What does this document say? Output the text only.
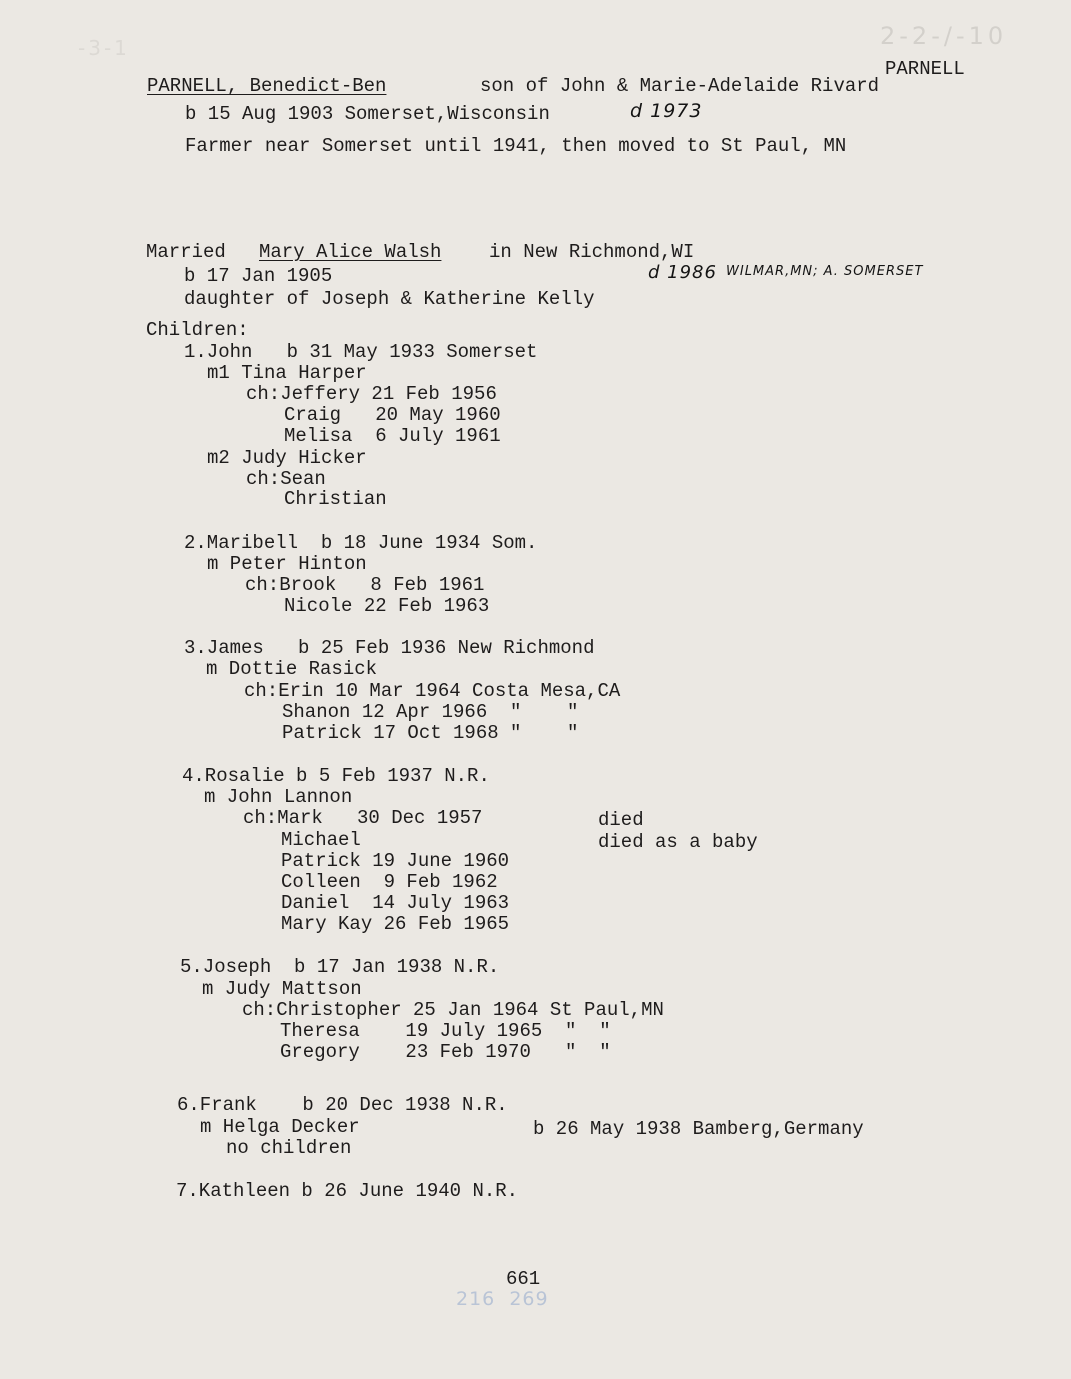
-3-1	2-2-/-10
PARNELL
PARNELL, Benedict-Ben	son of John & Marie-Adelaide Rivard
b 15 Aug 1903 Somerset,Wisconsin	d 1973
Farmer near Somerset until 1941, then moved to St Paul, MN
Married Mary Alice Walsh	in New Richmond,WI
b 17 Jan 1905	d 1986 WILMAR,MN; A. SOMERSET
daughter of Joseph & Katherine Kelly
Children:
1.John   b 31 May 1933 Somerset
m1 Tina Harper
ch:Jeffery 21 Feb 1956
Craig   20 May 1960
Melisa  6 July 1961
m2 Judy Hicker
ch:Sean
Christian
2.Maribell  b 18 June 1934 Som.
m Peter Hinton
ch:Brook   8 Feb 1961
Nicole 22 Feb 1963
3.James   b 25 Feb 1936 New Richmond
m Dottie Rasick
ch:Erin 10 Mar 1964 Costa Mesa,CA
Shanon 12 Apr 1966  "    "
Patrick 17 Oct 1968 "    "
4.Rosalie b 5 Feb 1937 N.R.
m John Lannon
ch:Mark   30 Dec 1957	died
Michael	died as a baby
Patrick 19 June 1960
Colleen  9 Feb 1962
Daniel  14 July 1963
Mary Kay 26 Feb 1965
5.Joseph  b 17 Jan 1938 N.R.
m Judy Mattson
ch:Christopher 25 Jan 1964 St Paul,MN
Theresa    19 July 1965  "  "
Gregory    23 Feb 1970   "  "
6.Frank    b 20 Dec 1938 N.R.
m Helga Decker	b 26 May 1938 Bamberg,Germany
no children
7.Kathleen b 26 June 1940 N.R.
661
216  269
